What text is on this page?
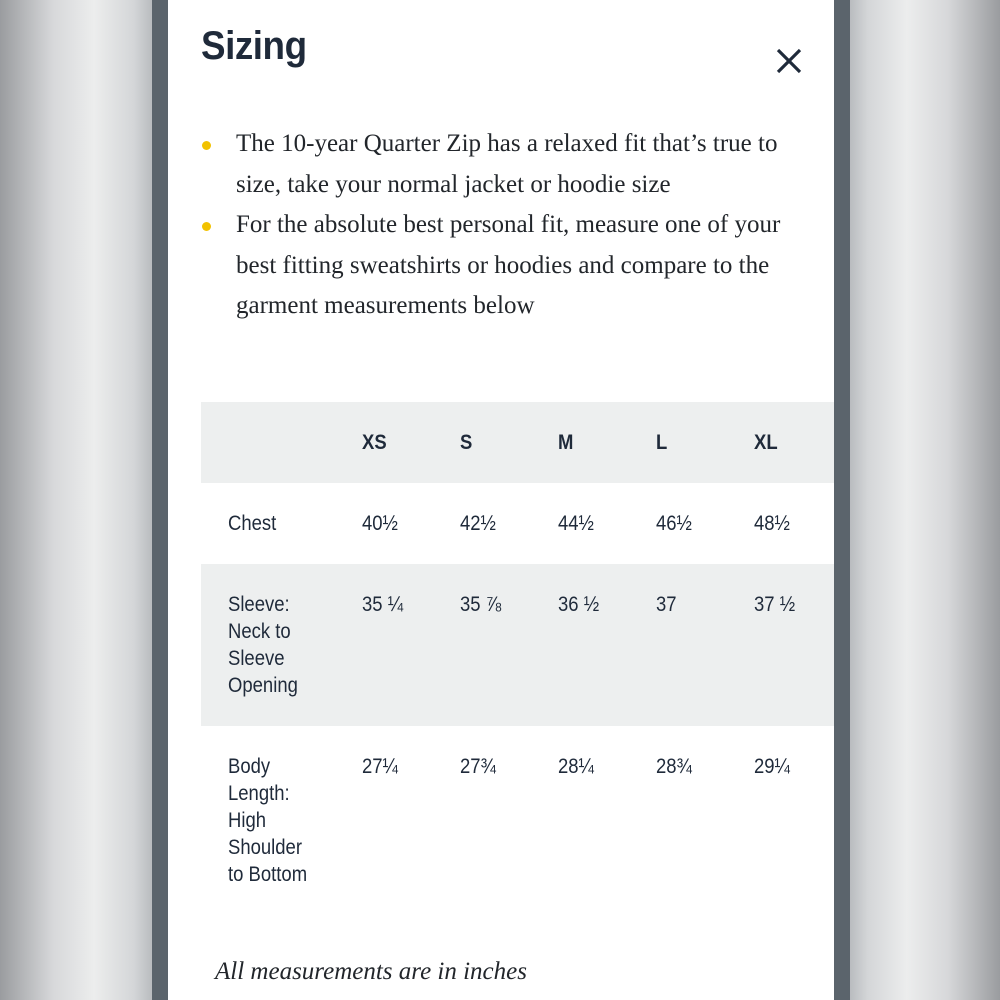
Sizing
The 10-year Quarter Zip has a relaxed fit that’s true to size, take your normal jacket or hoodie size
For the absolute best personal fit, measure one of your best fitting sweatshirts or hoodies and compare to the garment measurements below
	XS	S	M	L	XL
Chest	40½	42½	44½	46½	48½
Sleeve: Neck to Sleeve Opening	35 ¼	35 ⅞	36 ½	37	37 ½

Body Length: High Shoulder to Bottom	27¼	27¾	28¼	28¾	29¼

All measurements are in inches
